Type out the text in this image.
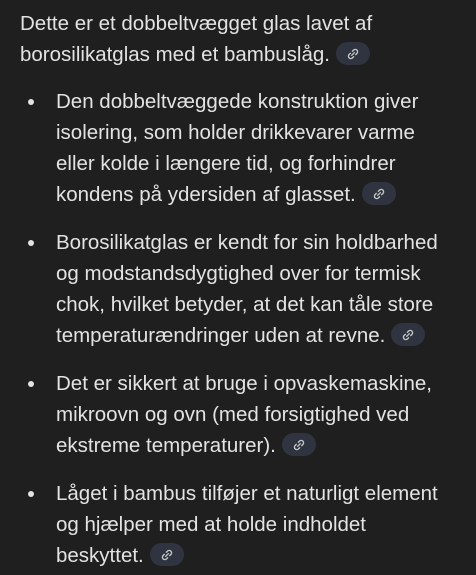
Dette er et dobbeltvægget glas lavet af borosilikatglas med et bambuslåg.

Den dobbeltvæggede konstruktion giver isolering, som holder drikkevarer varme eller kolde i længere tid, og forhindrer kondens på ydersiden af glasset.
Borosilikatglas er kendt for sin holdbarhed og modstandsdygtighed over for termisk chok, hvilket betyder, at det kan tåle store temperaturændringer uden at revne.
Det er sikkert at bruge i opvaskemaskine, mikroovn og ovn (med forsigtighed ved ekstreme temperaturer).
Låget i bambus tilføjer et naturligt element og hjælper med at holde indholdet beskyttet.
